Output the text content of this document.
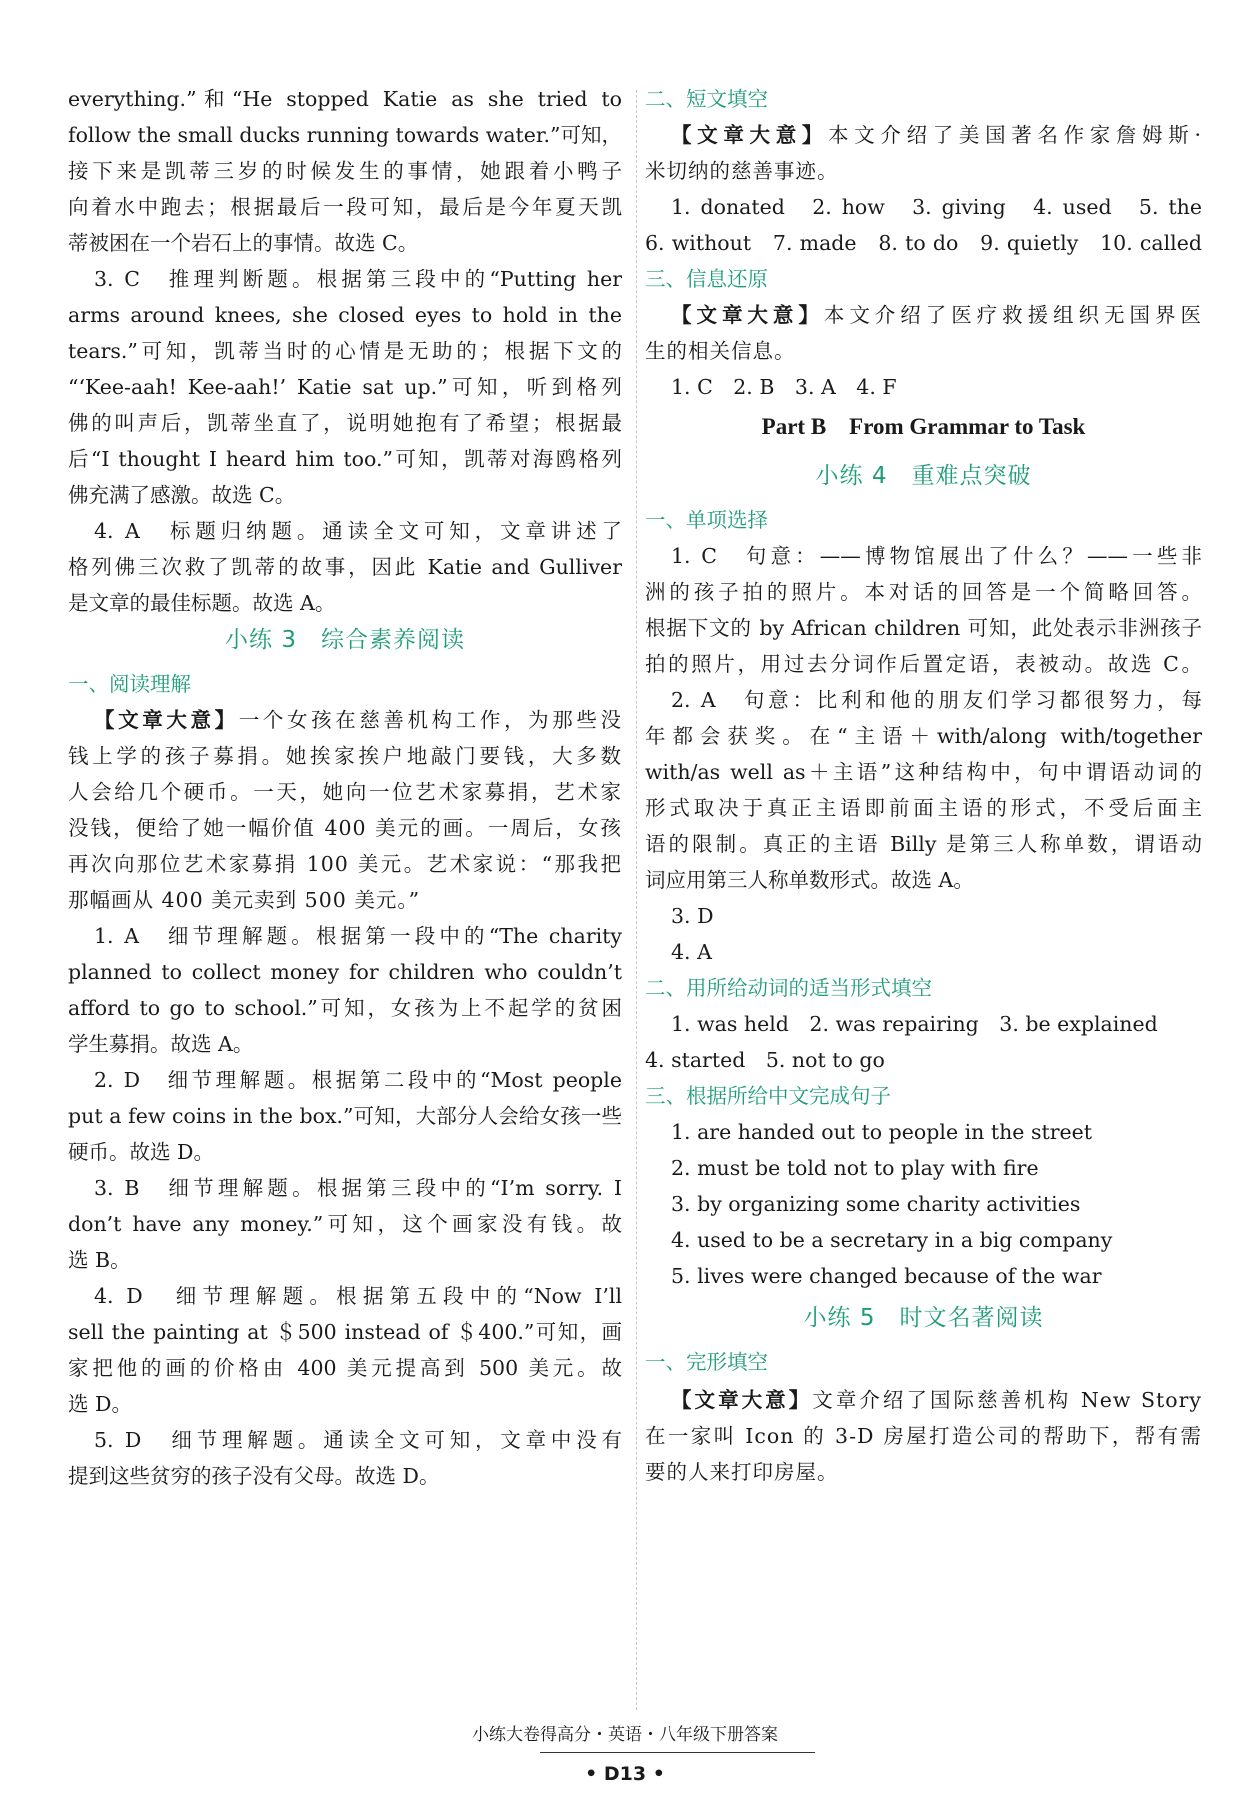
everything.”和“He stopped Katie as she tried to
follow the small ducks running towards water.”可知，
接下来是凯蒂三岁的时候发生的事情，她跟着小鸭子
向着水中跑去；根据最后一段可知，最后是今年夏天凯
蒂被困在一个岩石上的事情。故选 C。
3. C　推理判断题。根据第三段中的“Putting her
arms around knees, she closed eyes to hold in the
tears.”可知，凯蒂当时的心情是无助的；根据下文的
“‘Kee-aah! Kee-aah!’ Katie sat up.”可知，听到格列
佛的叫声后，凯蒂坐直了，说明她抱有了希望；根据最
后“I thought I heard him too.”可知，凯蒂对海鸥格列
佛充满了感激。故选 C。
4. A　标题归纳题。通读全文可知，文章讲述了
格列佛三次救了凯蒂的故事，因此 Katie and Gulliver
是文章的最佳标题。故选 A。
小练 3　综合素养阅读
一、阅读理解
【文章大意】一个女孩在慈善机构工作，为那些没
钱上学的孩子募捐。她挨家挨户地敲门要钱，大多数
人会给几个硬币。一天，她向一位艺术家募捐，艺术家
没钱，便给了她一幅价值 400 美元的画。一周后，女孩
再次向那位艺术家募捐 100 美元。艺术家说：“那我把
那幅画从 400 美元卖到 500 美元。”
1. A　细节理解题。根据第一段中的“The charity
planned to collect money for children who couldn’t
afford to go to school.”可知，女孩为上不起学的贫困
学生募捐。故选 A。
2. D　细节理解题。根据第二段中的“Most people
put a few coins in the box.”可知，大部分人会给女孩一些
硬币。故选 D。
3. B　细节理解题。根据第三段中的“I’m sorry. I
don’t have any money.”可知，这个画家没有钱。故
选 B。
4. D　细节理解题。根据第五段中的“Now I’ll
sell the painting at ＄500 instead of ＄400.”可知，画
家把他的画的价格由 400 美元提高到 500 美元。故
选 D。
5. D　细节理解题。通读全文可知，文章中没有
提到这些贫穷的孩子没有父母。故选 D。
二、短文填空
【文章大意】本文介绍了美国著名作家詹姆斯·
米切纳的慈善事迹。
1. donated　2. how　3. giving　4. used　5. the
6. without　7. made　8. to do　9. quietly　10. called
三、信息还原
【文章大意】本文介绍了医疗救援组织无国界医
生的相关信息。
1. C　2. B　3. A　4. F
Part B　From Grammar to Task
小练 4　重难点突破
一、单项选择
1. C　句意：——博物馆展出了什么？——一些非
洲的孩子拍的照片。本对话的回答是一个简略回答。
根据下文的 by African children 可知，此处表示非洲孩子
拍的照片，用过去分词作后置定语，表被动。故选 C。
2. A　句意：比利和他的朋友们学习都很努力，每
年都会获奖。在“主语＋with/along with/together
with/as well as＋主语”这种结构中，句中谓语动词的
形式取决于真正主语即前面主语的形式，不受后面主
语的限制。真正的主语 Billy 是第三人称单数，谓语动
词应用第三人称单数形式。故选 A。
3. D
4. A
二、用所给动词的适当形式填空
1. was held　2. was repairing　3. be explained
4. started　5. not to go
三、根据所给中文完成句子
1. are handed out to people in the street
2. must be told not to play with fire
3. by organizing some charity activities
4. used to be a secretary in a big company
5. lives were changed because of the war
小练 5　时文名著阅读
一、完形填空
【文章大意】文章介绍了国际慈善机构 New Story
在一家叫 Icon 的 3-D 房屋打造公司的帮助下，帮有需
要的人来打印房屋。
小练大卷得高分・英语・八年级下册答案
• D13 •
